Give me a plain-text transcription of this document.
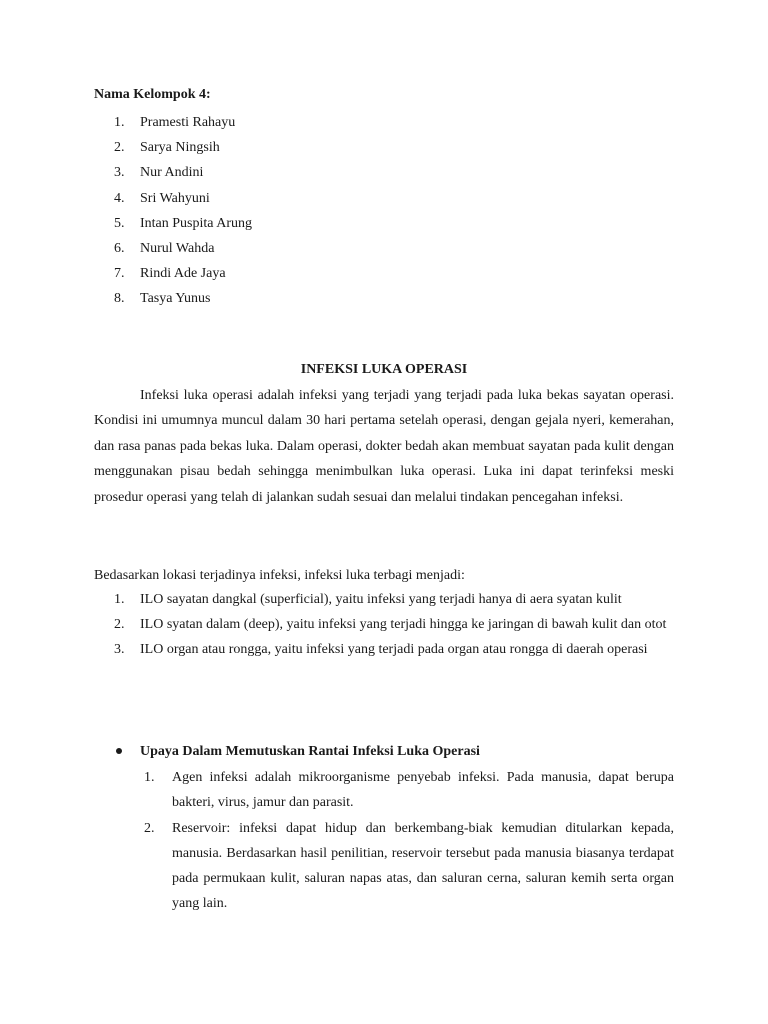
Nama Kelompok 4:
1.	Pramesti Rahayu
2.	Sarya Ningsih
3.	Nur Andini
4.	Sri Wahyuni
5.	Intan Puspita Arung
6.	Nurul Wahda
7.	Rindi Ade Jaya
8.	Tasya Yunus
INFEKSI LUKA OPERASI

Infeksi luka operasi adalah infeksi yang terjadi yang terjadi pada luka bekas sayatan operasi. Kondisi ini umumnya muncul dalam 30 hari pertama setelah operasi, dengan gejala nyeri, kemerahan, dan rasa panas pada bekas luka. Dalam operasi, dokter bedah akan membuat sayatan pada kulit dengan menggunakan pisau bedah sehingga menimbulkan luka operasi. Luka ini dapat terinfeksi meski prosedur operasi yang telah di jalankan sudah sesuai dan melalui tindakan pencegahan infeksi.

Bedasarkan lokasi terjadinya infeksi, infeksi luka terbagi menjadi:

1.	ILO sayatan dangkal (superficial), yaitu infeksi yang terjadi hanya di aera syatan kulit
2.	ILO syatan dalam (deep), yaitu infeksi yang terjadi hingga ke jaringan di bawah kulit dan otot
3.	ILO organ atau rongga, yaitu infeksi yang terjadi pada organ atau rongga di daerah operasi
Upaya Dalam Memutuskan Rantai Infeksi Luka Operasi
1.	Agen infeksi adalah mikroorganisme penyebab infeksi. Pada manusia, dapat berupa bakteri, virus, jamur dan parasit.
2.	Reservoir: infeksi dapat hidup dan berkembang-biak kemudian ditularkan kepada, manusia. Berdasarkan hasil penilitian, reservoir tersebut pada manusia biasanya terdapat pada permukaan kulit, saluran napas atas, dan saluran cerna, saluran kemih serta organ yang lain.
